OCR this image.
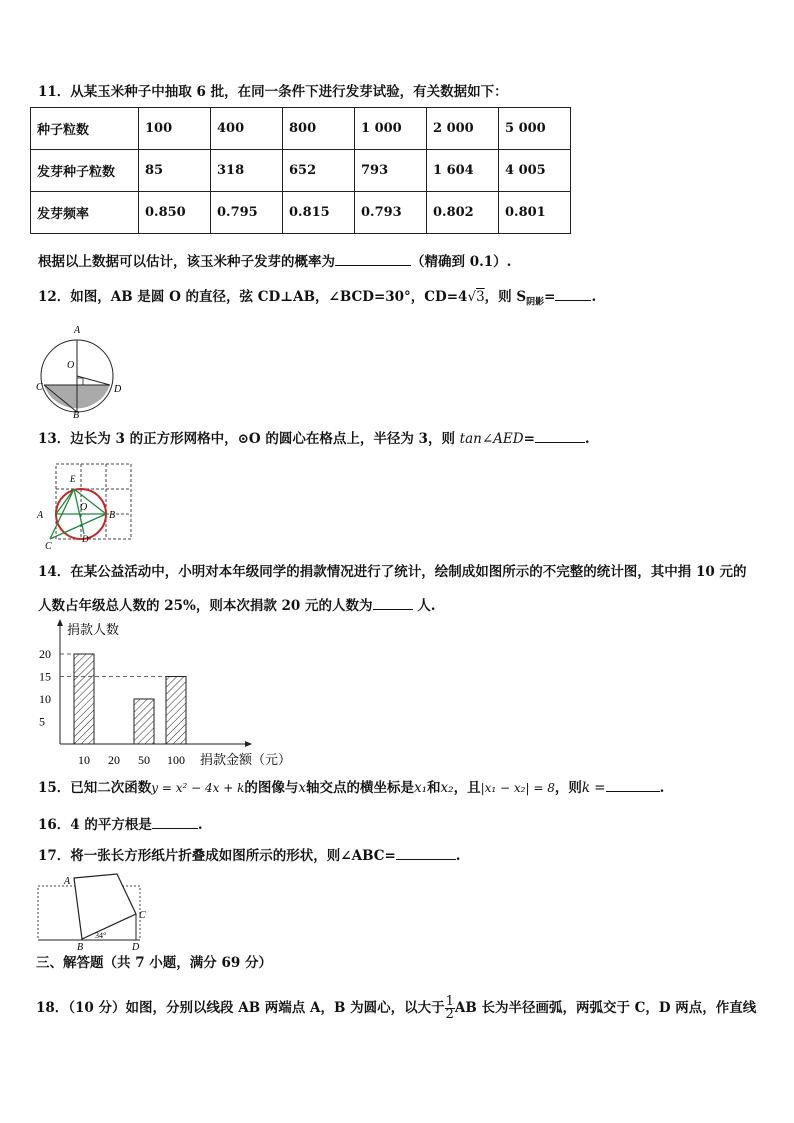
11．从某玉米种子中抽取 6 批，在同一条件下进行发芽试验，有关数据如下：
种子粒数	100	400	800	1 000	2 000	5 000
发芽种子粒数	85	318	652	793	1 604	4 005
发芽频率	0.850	0.795	0.815	0.793	0.802	0.801
根据以上数据可以估计，该玉米种子发芽的概率为	（精确到 0.1）.
12．如图，AB 是圆 O 的直径，弦 CD⊥AB，∠BCD=30°，CD=4√3，则 $S_{阴影}=$	.
A
O
C	D
B
13．边长为 3 的正方形网格中，⊙O 的圆心在格点上，半径为 3，则 tan∠AED=	.
E
A
O
B
C
D
14．在某公益活动中，小明对本年级同学的捐款情况进行了统计，绘制成如图所示的不完整的统计图，其中捐 10 元的
人数占年级总人数的 25%，则本次捐款 20 元的人数为	人.
5
10
15
20
10 20 50 100
捐款人数
捐款金额（元）
15．已知二次函数y = x² − 4x + k的图像与x轴交点的横坐标是x₁和x₂，且|x₁ − x₂| = 8，则k =	.
16．4 的平方根是	.
17．将一张长方形纸片折叠成如图所示的形状，则∠ABC=	.
A
C
B	D
34°
三、解答题（共 7 小题，满分 69 分）
18．（10 分）如图，分别以线段 AB 两端点 A，B 为圆心，以大于 $\frac{1}{2}$ AB 长为半径画弧，两弧交于 C，D 两点，作直线
